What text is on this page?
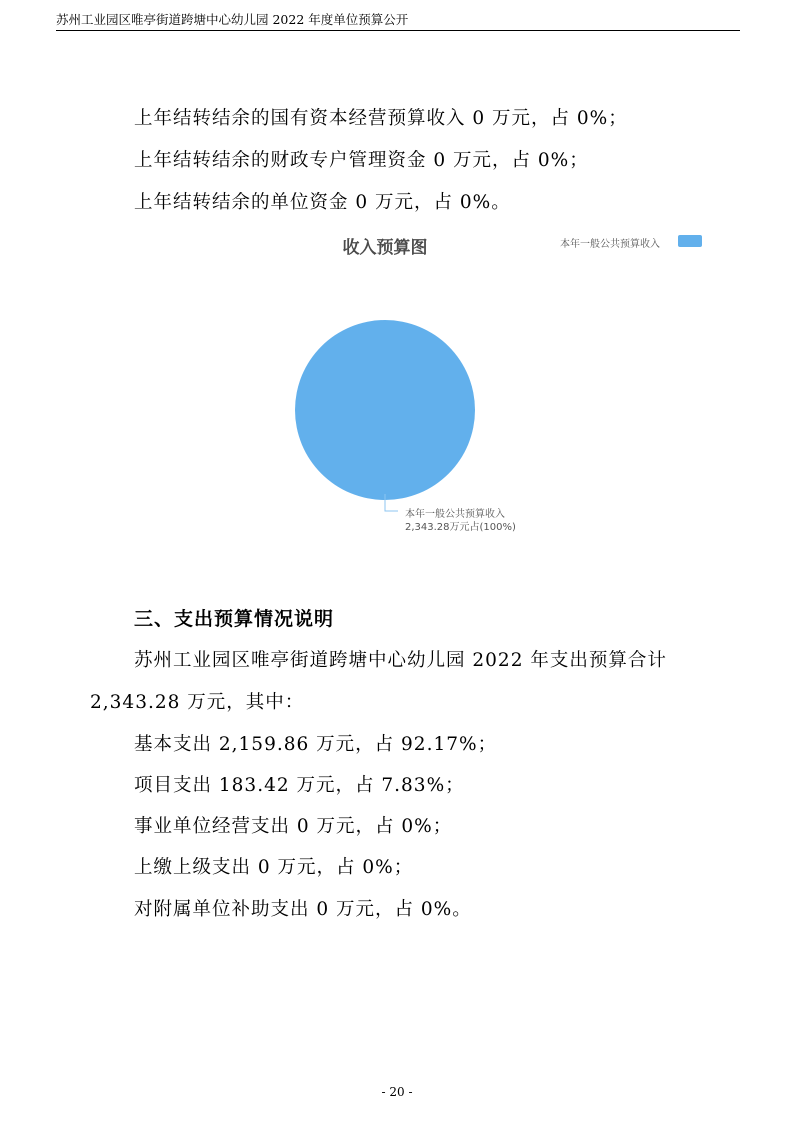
苏州工业园区唯亭街道跨塘中心幼儿园 2022 年度单位预算公开
上年结转结余的国有资本经营预算收入 0 万元，占 0%；
上年结转结余的财政专户管理资金 0 万元，占 0%；
上年结转结余的单位资金 0 万元，占 0%。
收入预算图	本年一般公共预算收入
本年一般公共预算收入
2,343.28万元占(100%)
三、支出预算情况说明
苏州工业园区唯亭街道跨塘中心幼儿园 2022 年支出预算合计
2,343.28 万元，其中：
基本支出 2,159.86 万元，占 92.17%；
项目支出 183.42 万元，占 7.83%；
事业单位经营支出 0 万元，占 0%；
上缴上级支出 0 万元，占 0%；
对附属单位补助支出 0 万元，占 0%。
- 20 -
